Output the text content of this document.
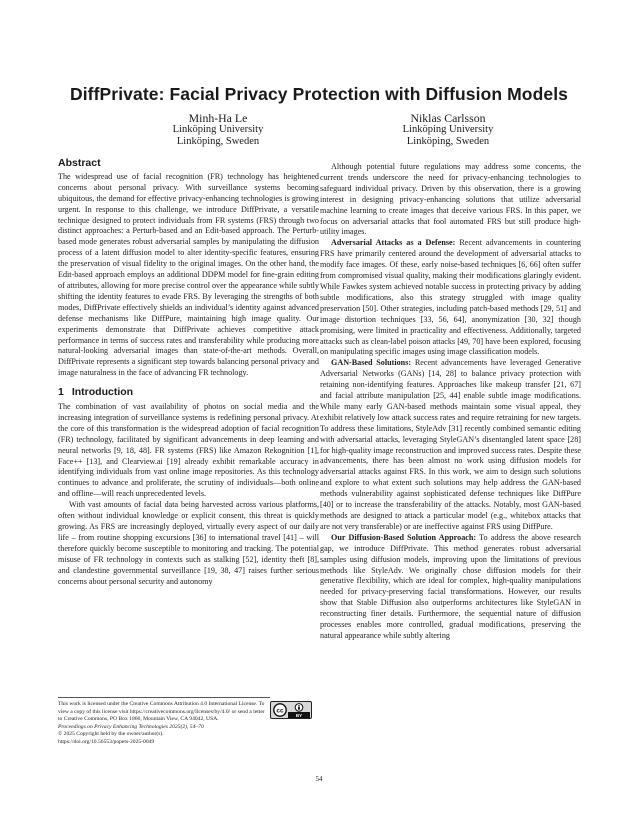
DiffPrivate: Facial Privacy Protection with Diffusion Models
Minh-Ha Le
Linköping University
Linköping, Sweden
Niklas Carlsson
Linköping University
Linköping, Sweden
Abstract

The widespread use of facial recognition (FR) technology has heightened concerns about personal privacy. With surveillance systems becoming ubiquitous, the demand for effective privacy-enhancing technologies is growing urgent. In response to this challenge, we introduce DiffPrivate, a versatile technique designed to protect individuals from FR systems (FRS) through two distinct approaches: a Perturb-based and an Edit-based approach. The Perturb-based mode generates robust adversarial samples by manipulating the diffusion process of a latent diffusion model to alter identity-specific features, ensuring the preservation of visual fidelity to the original images. On the other hand, the Edit-based approach employs an additional DDPM model for fine-grain editing of attributes, allowing for more precise control over the appearance while subtly shifting the identity features to evade FRS. By leveraging the strengths of both modes, DiffPrivate effectively shields an individual’s identity against advanced defense mechanisms like DiffPure, maintaining high image quality. Our experiments demonstrate that DiffPrivate achieves competitive attack performance in terms of success rates and transferability while producing more natural-looking adversarial images than state-of-the-art methods. Overall, DiffPrivate represents a significant step towards balancing personal privacy and image naturalness in the face of advancing FR technology.

1 Introduction

The combination of vast availability of photos on social media and the increasing integration of surveillance systems is redefining personal privacy. At the core of this transformation is the widespread adoption of facial recognition (FR) technology, facilitated by significant advancements in deep learning and neural networks [9, 18, 48]. FR systems (FRS) like Amazon Rekognition [1], Face++ [13], and Clearview.ai [19] already exhibit remarkable accuracy in identifying individuals from vast online image repositories. As this technology continues to advance and proliferate, the scrutiny of individuals—both online and offline—will reach unprecedented levels.

With vast amounts of facial data being harvested across various platforms, often without individual knowledge or explicit consent, this threat is quickly growing. As FRS are increasingly deployed, virtually every aspect of our daily life – from routine shopping excursions [36] to international travel [41] – will therefore quickly become susceptible to monitoring and tracking. The potential misuse of FR technology in contexts such as stalking [52], identity theft [8], and clandestine governmental surveillance [19, 38, 47] raises further serious concerns about personal security and autonomy

Although potential future regulations may address some concerns, the current trends underscore the need for privacy-enhancing technologies to safeguard individual privacy. Driven by this observation, there is a growing interest in designing privacy-enhancing solutions that utilize adversarial machine learning to create images that deceive various FRS. In this paper, we focus on adversarial attacks that fool automated FRS but still produce high-utility images.

Adversarial Attacks as a Defense: Recent advancements in countering FRS have primarily centered around the development of adversarial attacks to modify face images. Of these, early noise-based techniques [6, 66] often suffer from compromised visual quality, making their modifications glaringly evident. While Fawkes system achieved notable success in protecting privacy by adding subtle modifications, also this strategy struggled with image quality preservation [50]. Other strategies, including patch-based methods [29, 51] and image distortion techniques [33, 56, 64], anonymization [30, 32] though promising, were limited in practicality and effectiveness. Additionally, targeted attacks such as clean-label poison attacks [49, 70] have been explored, focusing on manipulating specific images using image classification models.

GAN-Based Solutions: Recent advancements have leveraged Generative Adversarial Networks (GANs) [14, 28] to balance privacy protection with retaining non-identifying features. Approaches like makeup transfer [21, 67] and facial attribute manipulation [25, 44] enable subtle image modifications. While many early GAN-based methods maintain some visual appeal, they exhibit relatively low attack success rates and require retraining for new targets. To address these limitations, StyleAdv [31] recently combined semantic editing with adversarial attacks, leveraging StyleGAN’s disentangled latent space [28] for high-quality image reconstruction and improved success rates. Despite these advancements, there has been almost no work using diffusion models for adversarial attacks against FRS. In this work, we aim to design such solutions and explore to what extent such solutions may help address the GAN-based methods vulnerability against sophisticated defense techniques like DiffPure [40] or to increase the transferability of the attacks. Notably, most GAN-based methods are designed to attack a particular model (e.g., whitebox attacks that are not very transferable) or are ineffective against FRS using DiffPure.

Our Diffusion-Based Solution Approach: To address the above research gap, we introduce DiffPrivate. This method generates robust adversarial samples using diffusion models, improving upon the limitations of previous methods like StyleAdv. We originally chose diffusion models for their generative flexibility, which are ideal for complex, high-quality manipulations needed for privacy-preserving facial transformations. However, our results show that Stable Diffusion also outperforms architectures like StyleGAN in reconstructing finer details. Furthermore, the sequential nature of diffusion processes enables more controlled, gradual modifications, preserving the natural appearance while subtly altering

This work is licensed under the Creative Commons Attribution 4.0 International License. To view a copy of this license visit https://creativecommons.org/licenses/by/4.0/ or send a letter to Creative Commons, PO Box 1866, Mountain View, CA 94042, USA.
Proceedings on Privacy Enhancing Technologies 2025(2), 54–70
© 2025 Copyright held by the owner/author(s).
https://doi.org/10.56553/popets-2025-0049
cc
BY
54
